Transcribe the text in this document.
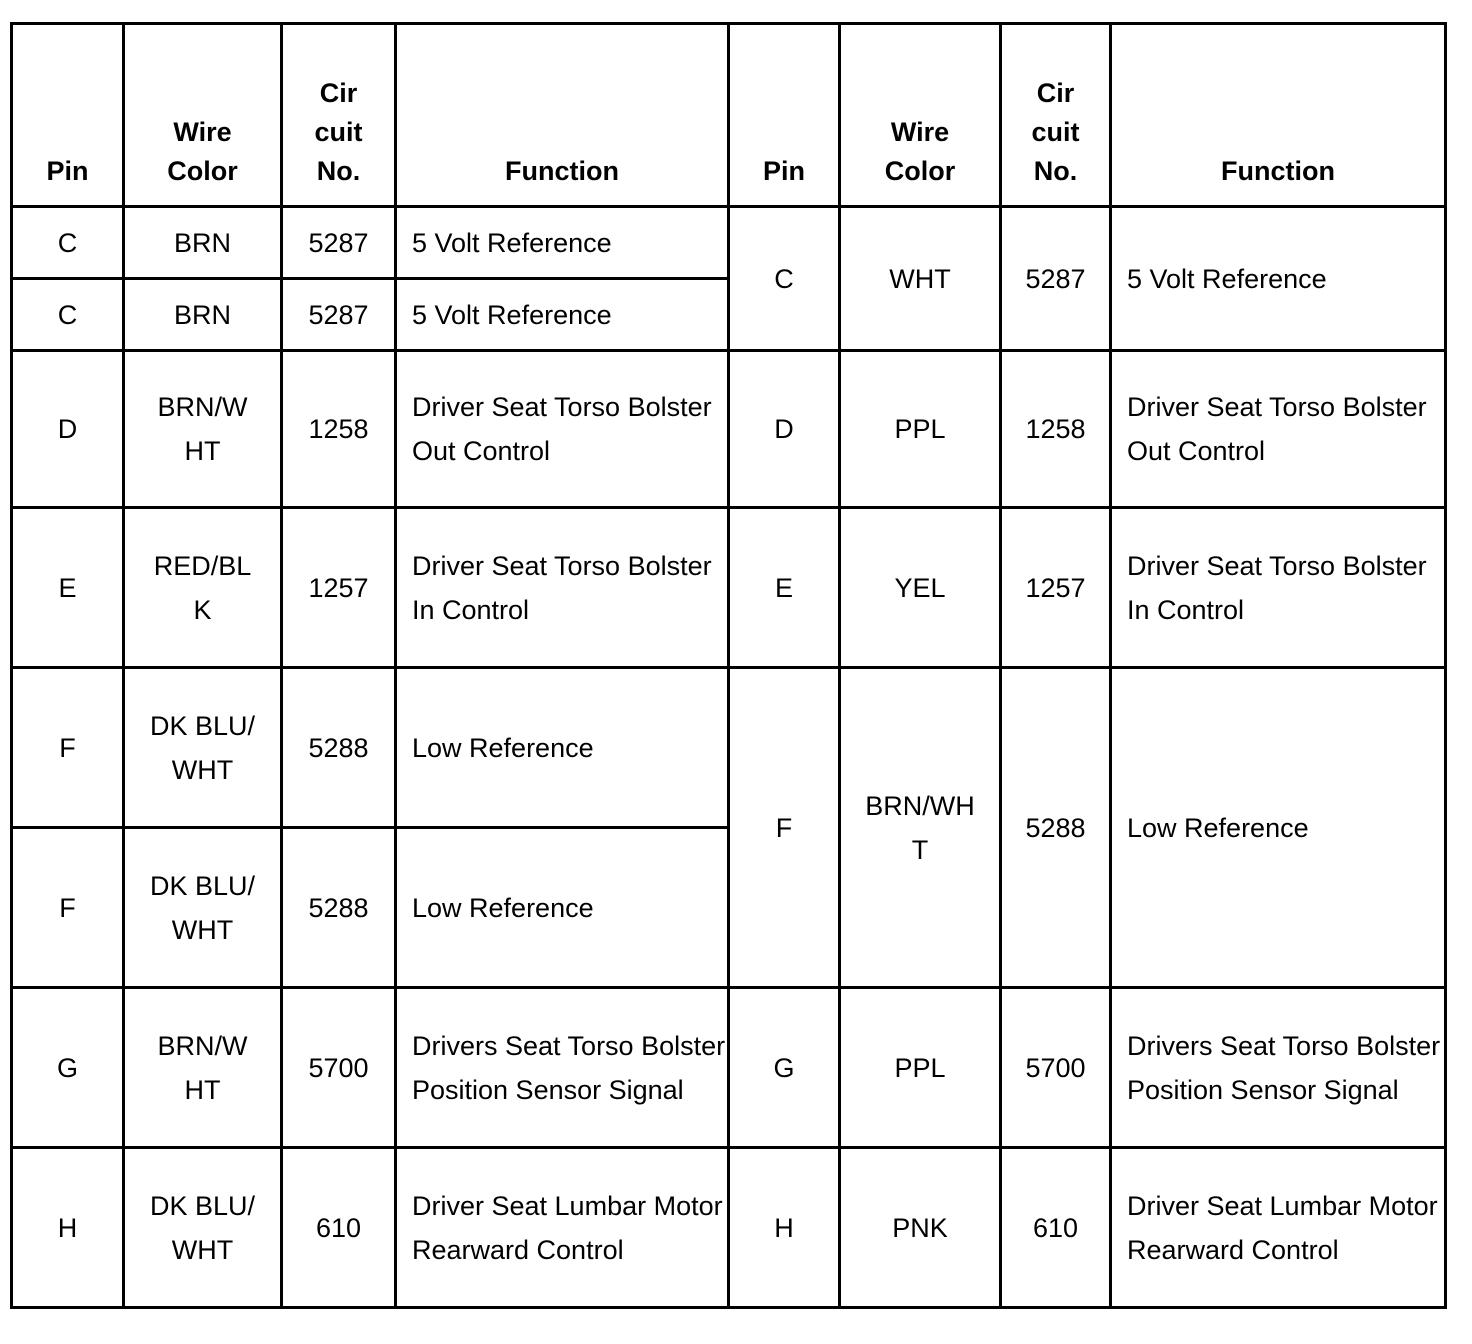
Pin	Wire Color	Cir cuit No.	Function	Pin	Wire Color	Cir cuit No.	Function
C	BRN	5287	5 Volt Reference	C	WHT	5287	5 Volt Reference
C	BRN	5287	5 Volt Reference				
D	BRN/WHT	1258	Driver Seat Torso Bolster Out Control	D	PPL	1258	Driver Seat Torso Bolster Out Control
E	RED/BLK	1257	Driver Seat Torso Bolster In Control	E	YEL	1257	Driver Seat Torso Bolster In Control
F	DK BLU/WHT	5288	Low Reference	F	BRN/WHT	5288	Low Reference
F	DK BLU/WHT	5288	Low Reference				
G	BRN/WHT	5700	Drivers Seat Torso Bolster Position Sensor Signal	G	PPL	5700	Drivers Seat Torso Bolster Position Sensor Signal
H	DK BLU/WHT	610	Driver Seat Lumbar Motor Rearward Control	H	PNK	610	Driver Seat Lumbar Motor Rearward Control
